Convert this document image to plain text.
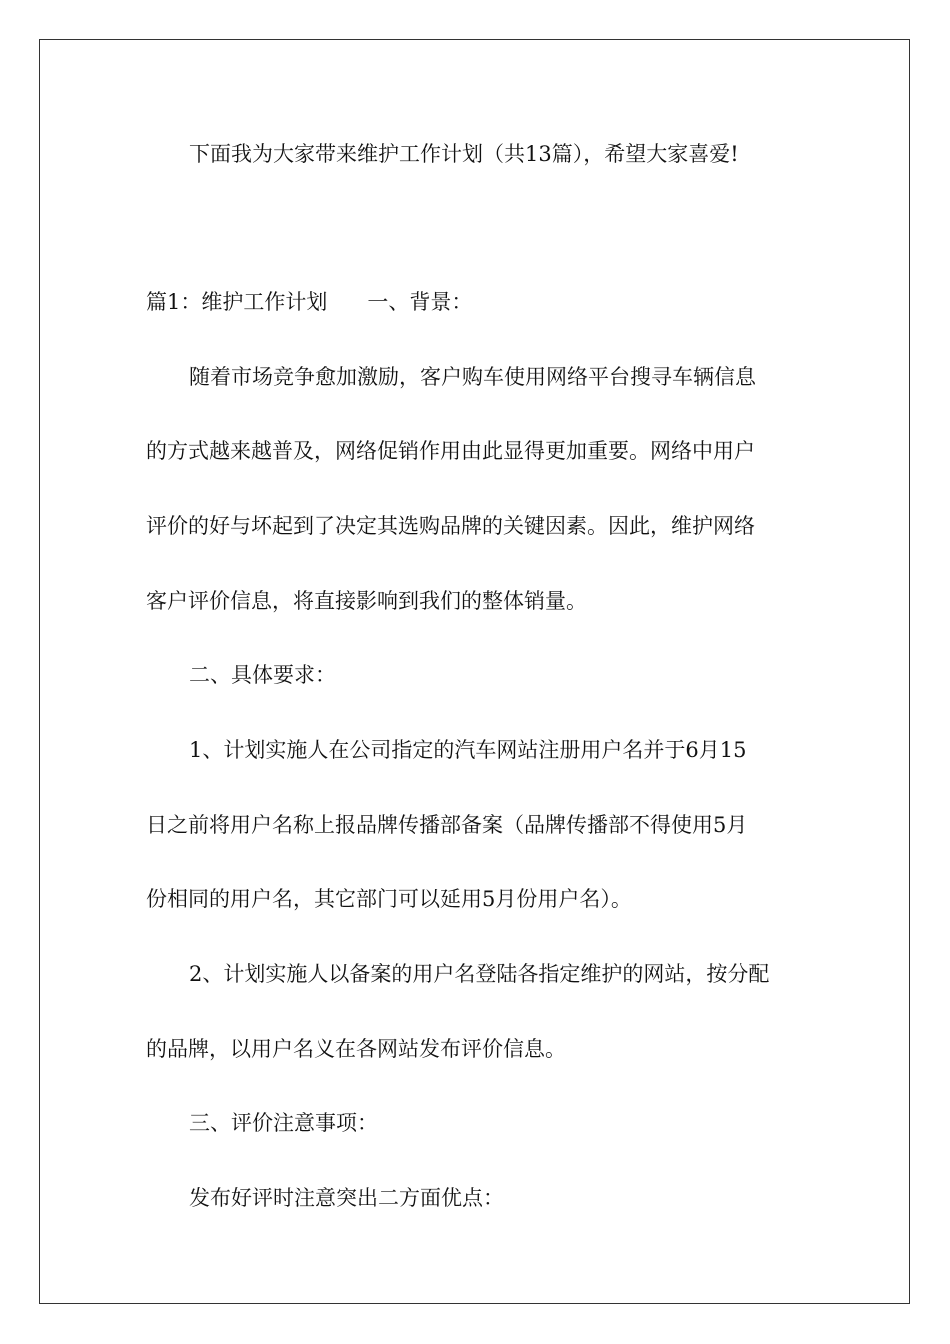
下面我为大家带来维护工作计划（共13篇），希望大家喜爱!
篇1：维护工作计划 一、背景：
随着市场竞争愈加激励，客户购车使用网络平台搜寻车辆信息
的方式越来越普及，网络促销作用由此显得更加重要。网络中用户
评价的好与坏起到了决定其选购品牌的关键因素。因此，维护网络
客户评价信息，将直接影响到我们的整体销量。
二、具体要求：
1、计划实施人在公司指定的汽车网站注册用户名并于6月15
日之前将用户名称上报品牌传播部备案（品牌传播部不得使用5月
份相同的用户名，其它部门可以延用5月份用户名）。
2、计划实施人以备案的用户名登陆各指定维护的网站，按分配
的品牌，以用户名义在各网站发布评价信息。
三、评价注意事项：
发布好评时注意突出二方面优点：
